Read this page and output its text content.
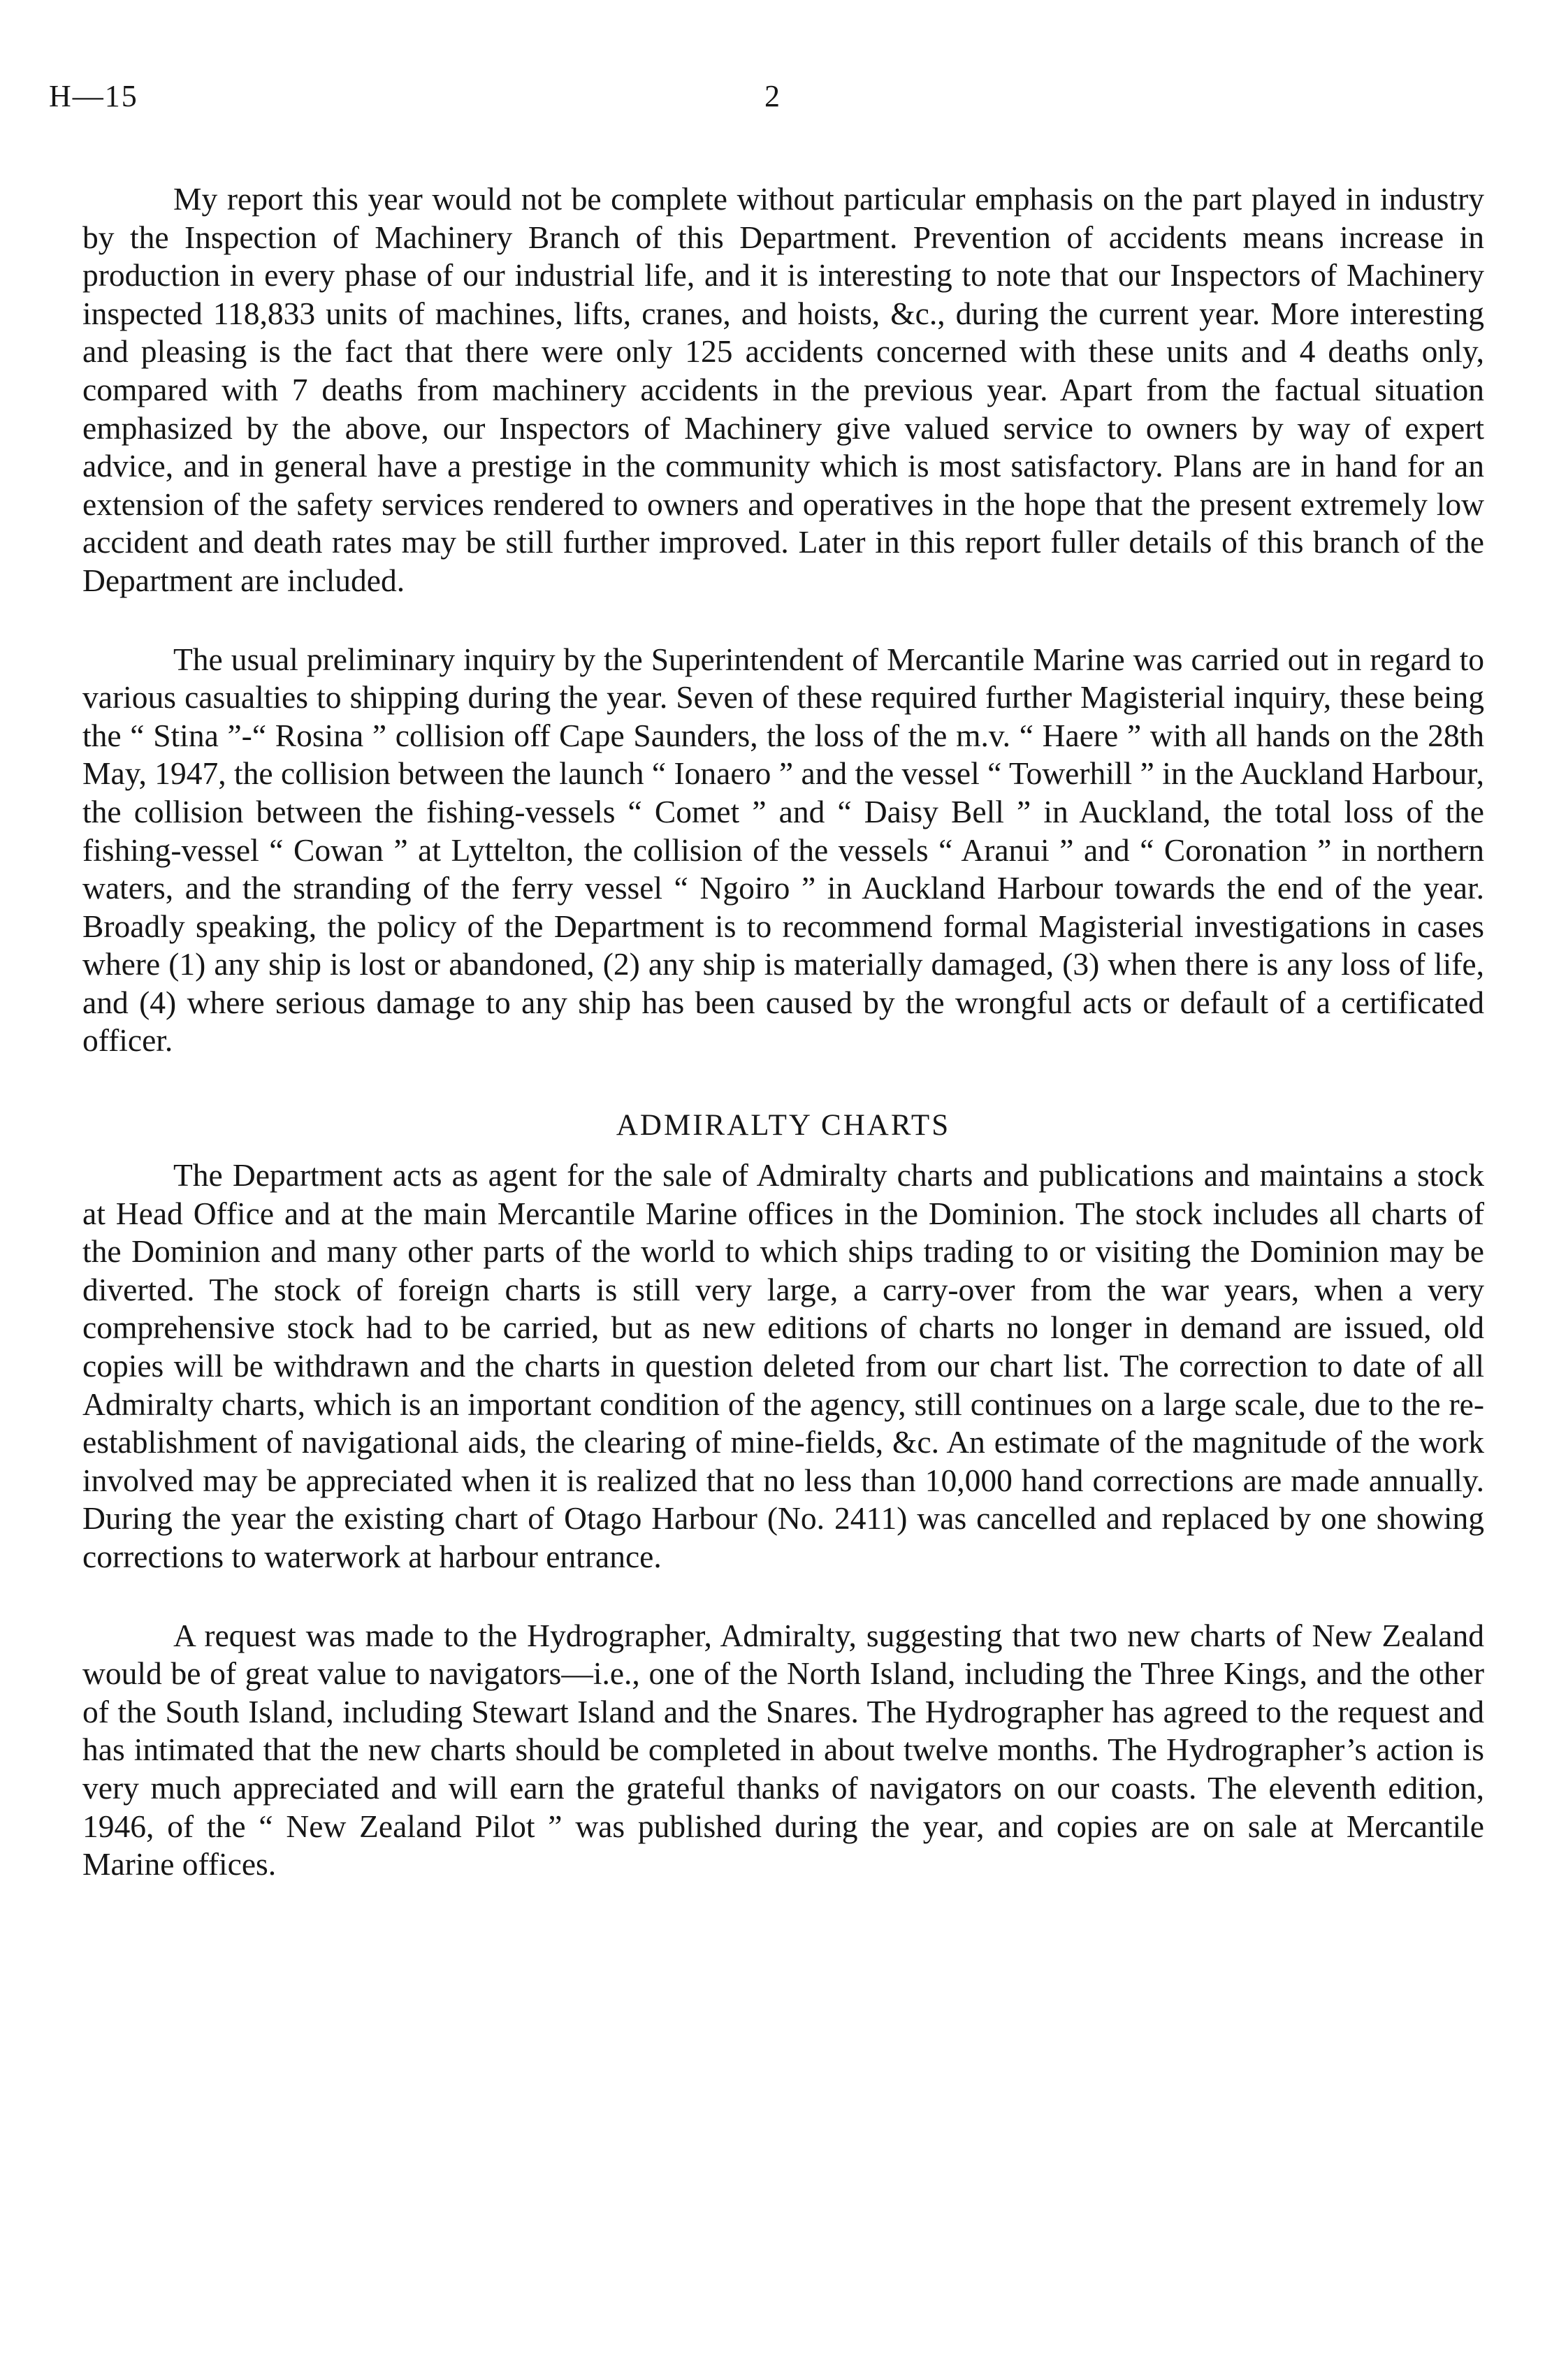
H—15	2

My report this year would not be complete without particular emphasis on the part played in industry by the Inspection of Machinery Branch of this Department. Prevention of accidents means increase in production in every phase of our industrial life, and it is interesting to note that our Inspectors of Machinery inspected 118,833 units of machines, lifts, cranes, and hoists, &c., during the current year. More interesting and pleasing is the fact that there were only 125 accidents concerned with these units and 4 deaths only, compared with 7 deaths from machinery accidents in the previous year. Apart from the factual situation emphasized by the above, our Inspectors of Machinery give valued service to owners by way of expert advice, and in general have a prestige in the community which is most satisfactory. Plans are in hand for an extension of the safety services rendered to owners and operatives in the hope that the present extremely low accident and death rates may be still further improved. Later in this report fuller details of this branch of the Department are included.

The usual preliminary inquiry by the Superintendent of Mercantile Marine was carried out in regard to various casualties to shipping during the year. Seven of these required further Magisterial inquiry, these being the “ Stina ”-“ Rosina ” collision off Cape Saunders, the loss of the m.v. “ Haere ” with all hands on the 28th May, 1947, the collision between the launch “ Ionaero ” and the vessel “ Towerhill ” in the Auckland Harbour, the collision between the fishing-vessels “ Comet ” and “ Daisy Bell ” in Auckland, the total loss of the fishing-vessel “ Cowan ” at Lyttelton, the collision of the vessels “ Aranui ” and “ Coronation ” in northern waters, and the stranding of the ferry vessel “ Ngoiro ” in Auckland Harbour towards the end of the year. Broadly speaking, the policy of the Department is to recommend formal Magisterial investigations in cases where (1) any ship is lost or abandoned, (2) any ship is materially damaged, (3) when there is any loss of life, and (4) where serious damage to any ship has been caused by the wrongful acts or default of a certificated officer.

ADMIRALTY CHARTS

The Department acts as agent for the sale of Admiralty charts and publications and maintains a stock at Head Office and at the main Mercantile Marine offices in the Dominion. The stock includes all charts of the Dominion and many other parts of the world to which ships trading to or visiting the Dominion may be diverted. The stock of foreign charts is still very large, a carry-over from the war years, when a very comprehensive stock had to be carried, but as new editions of charts no longer in demand are issued, old copies will be withdrawn and the charts in question deleted from our chart list. The correction to date of all Admiralty charts, which is an important condition of the agency, still continues on a large scale, due to the re-establishment of navigational aids, the clearing of mine-fields, &c. An estimate of the magnitude of the work involved may be appreciated when it is realized that no less than 10,000 hand corrections are made annually. During the year the existing chart of Otago Harbour (No. 2411) was cancelled and replaced by one showing corrections to waterwork at harbour entrance.

A request was made to the Hydrographer, Admiralty, suggesting that two new charts of New Zealand would be of great value to navigators—i.e., one of the North Island, including the Three Kings, and the other of the South Island, including Stewart Island and the Snares. The Hydrographer has agreed to the request and has intimated that the new charts should be completed in about twelve months. The Hydrographer’s action is very much appreciated and will earn the grateful thanks of navigators on our coasts. The eleventh edition, 1946, of the “ New Zealand Pilot ” was published during the year, and copies are on sale at Mercantile Marine offices.
